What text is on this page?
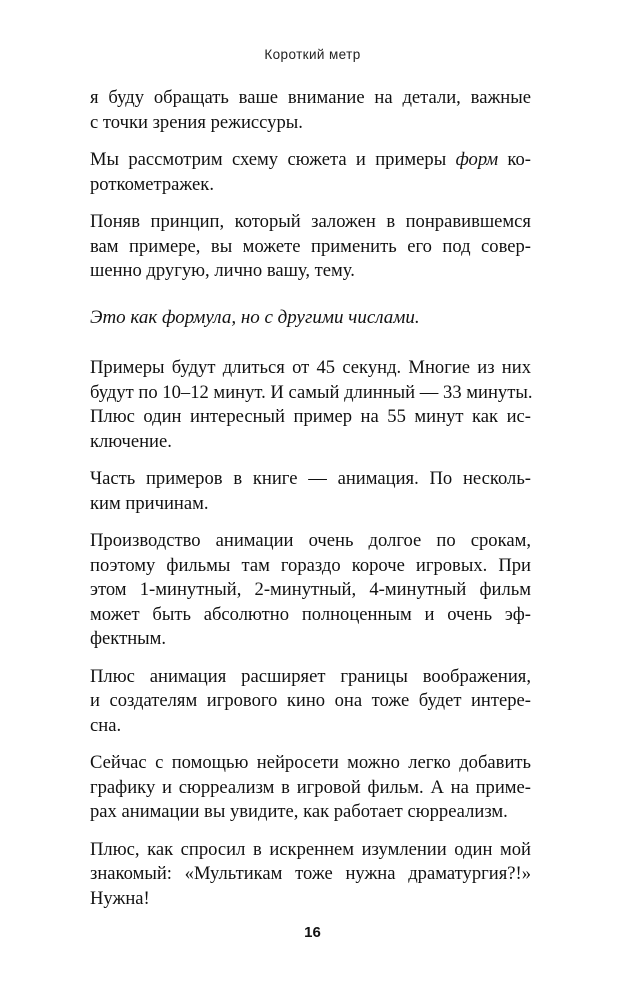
Короткий метр

я буду обращать ваше внимание на детали, важные
с точки зрения режиссуры.

Мы рассмотрим схему сюжета и примеры форм ко-
роткометражек.

Поняв принцип, который заложен в понравившемся
вам примере, вы можете применить его под совер-
шенно другую, лично вашу, тему.

Это как формула, но с другими числами.

Примеры будут длиться от 45 секунд. Многие из них
будут по 10–12 минут. И самый длинный — 33 минуты.
Плюс один интересный пример на 55 минут как ис-
ключение.

Часть примеров в книге — анимация. По несколь-
ким причинам.

Производство анимации очень долгое по срокам,
поэтому фильмы там гораздо короче игровых. При
этом 1-минутный, 2-минутный, 4-минутный фильм
может быть абсолютно полноценным и очень эф-
фектным.

Плюс анимация расширяет границы воображения,
и создателям игрового кино она тоже будет интере-
сна.

Сейчас с помощью нейросети можно легко добавить
графику и сюрреализм в игровой фильм. А на приме-
рах анимации вы увидите, как работает сюрреализм.

Плюс, как спросил в искреннем изумлении один мой
знакомый: «Мультикам тоже нужна драматургия?!»
Нужна!

16
